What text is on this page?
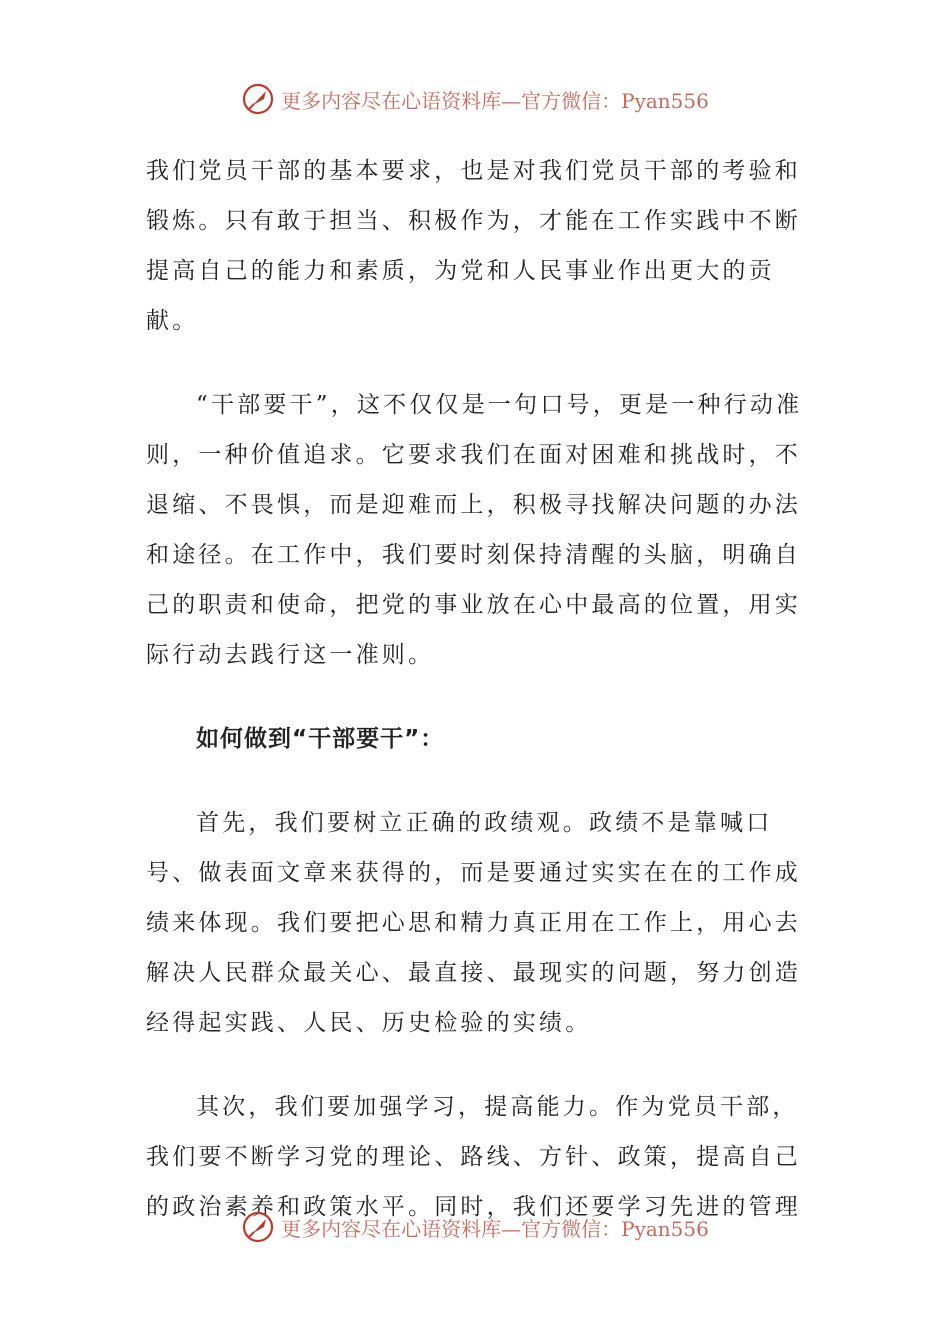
更多内容尽在心语资料库—官方微信：Pyan556

我们党员干部的基本要求，也是对我们党员干部的考验和锻炼。只有敢于担当、积极作为，才能在工作实践中不断提高自己的能力和素质，为党和人民事业作出更大的贡献。

“干部要干”，这不仅仅是一句口号，更是一种行动准则，一种价值追求。它要求我们在面对困难和挑战时，不退缩、不畏惧，而是迎难而上，积极寻找解决问题的办法和途径。在工作中，我们要时刻保持清醒的头脑，明确自己的职责和使命，把党的事业放在心中最高的位置，用实际行动去践行这一准则。

如何做到“干部要干”：

首先，我们要树立正确的政绩观。政绩不是靠喊口号、做表面文章来获得的，而是要通过实实在在的工作成绩来体现。我们要把心思和精力真正用在工作上，用心去解决人民群众最关心、最直接、最现实的问题，努力创造经得起实践、人民、历史检验的实绩。

其次，我们要加强学习，提高能力。作为党员干部，我们要不断学习党的理论、路线、方针、政策，提高自己的政治素养和政策水平。同时，我们还要学习先进的管理

更多内容尽在心语资料库—官方微信：Pyan556
